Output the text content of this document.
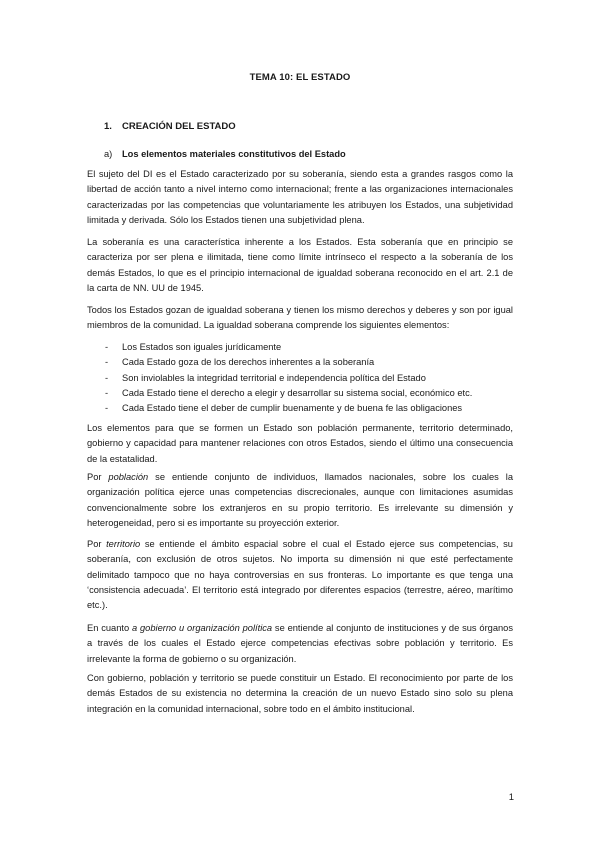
TEMA 10: EL ESTADO
1. CREACIÓN DEL ESTADO
a) Los elementos materiales constitutivos del Estado

El sujeto del DI es el Estado caracterizado por su soberanía, siendo esta a grandes rasgos como la libertad de acción tanto a nivel interno como internacional; frente a las organizaciones internacionales caracterizadas por las competencias que voluntariamente les atribuyen los Estados, una subjetividad limitada y derivada. Sólo los Estados tienen una subjetividad plena.

La soberanía es una característica inherente a los Estados. Esta soberanía que en principio se caracteriza por ser plena e ilimitada, tiene como límite intrínseco el respecto a la soberanía de los demás Estados, lo que es el principio internacional de igualdad soberana reconocido en el art. 2.1 de la carta de NN. UU de 1945.

Todos los Estados gozan de igualdad soberana y tienen los mismo derechos y deberes y son por igual miembros de la comunidad. La igualdad soberana comprende los siguientes elementos:

- Los Estados son iguales jurídicamente
- Cada Estado goza de los derechos inherentes a la soberanía
- Son inviolables la integridad territorial e independencia política del Estado
- Cada Estado tiene el derecho a elegir y desarrollar su sistema social, económico etc.
- Cada Estado tiene el deber de cumplir buenamente y de buena fe las obligaciones

Los elementos para que se formen un Estado son población permanente, territorio determinado, gobierno y capacidad para mantener relaciones con otros Estados, siendo el último una consecuencia de la estatalidad.

Por población se entiende conjunto de individuos, llamados nacionales, sobre los cuales la organización política ejerce unas competencias discrecionales, aunque con limitaciones asumidas convencionalmente sobre los extranjeros en su propio territorio. Es irrelevante su dimensión y heterogeneidad, pero si es importante su proyección exterior.

Por territorio se entiende el ámbito espacial sobre el cual el Estado ejerce sus competencias, su soberanía, con exclusión de otros sujetos. No importa su dimensión ni que esté perfectamente delimitado tampoco que no haya controversias en sus fronteras. Lo importante es que tenga una ‘consistencia adecuada’. El territorio está integrado por diferentes espacios (terrestre, aéreo, marítimo etc.).

En cuanto a gobierno u organización política se entiende al conjunto de instituciones y de sus órganos a través de los cuales el Estado ejerce competencias efectivas sobre población y territorio. Es irrelevante la forma de gobierno o su organización.

Con gobierno, población y territorio se puede constituir un Estado. El reconocimiento por parte de los demás Estados de su existencia no determina la creación de un nuevo Estado sino solo su plena integración en la comunidad internacional, sobre todo en el ámbito institucional.

1
